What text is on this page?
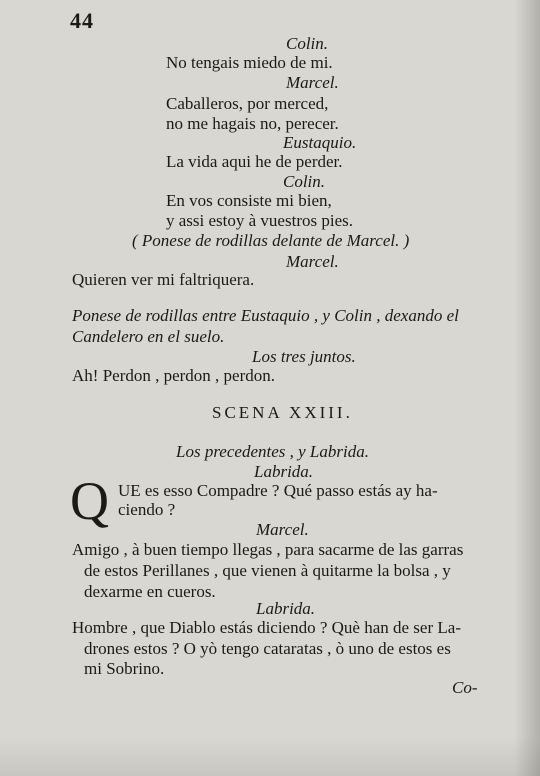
44
Q
Colin.
No tengais miedo de mi.
Marcel.
Caballeros, por merced,
no me hagais no, perecer.
Eustaquio.
La vida aqui he de perder.
Colin.
En vos consiste mi bien,
y assi estoy à vuestros pies.
( Ponese de rodillas delante de Marcel. )
Marcel.
Quieren ver mi faltriquera.
Ponese de rodillas entre Eustaquio , y Colin , dexando el
Candelero en el suelo.
Los tres juntos.
Ah! Perdon , perdon , perdon.
SCENA XXIII.
Los precedentes , y Labrida.
Labrida.
UE es esso Compadre ? Qué passo estás ay ha-
ciendo ?
Marcel.
Amigo , à buen tiempo llegas , para sacarme de las garras
de estos Perillanes , que vienen à quitarme la bolsa , y
dexarme en cueros.
Labrida.
Hombre , que Diablo estás diciendo ? Què han de ser La-
drones estos ? O yò tengo cataratas , ò uno de estos es
mi Sobrino.
Co-
